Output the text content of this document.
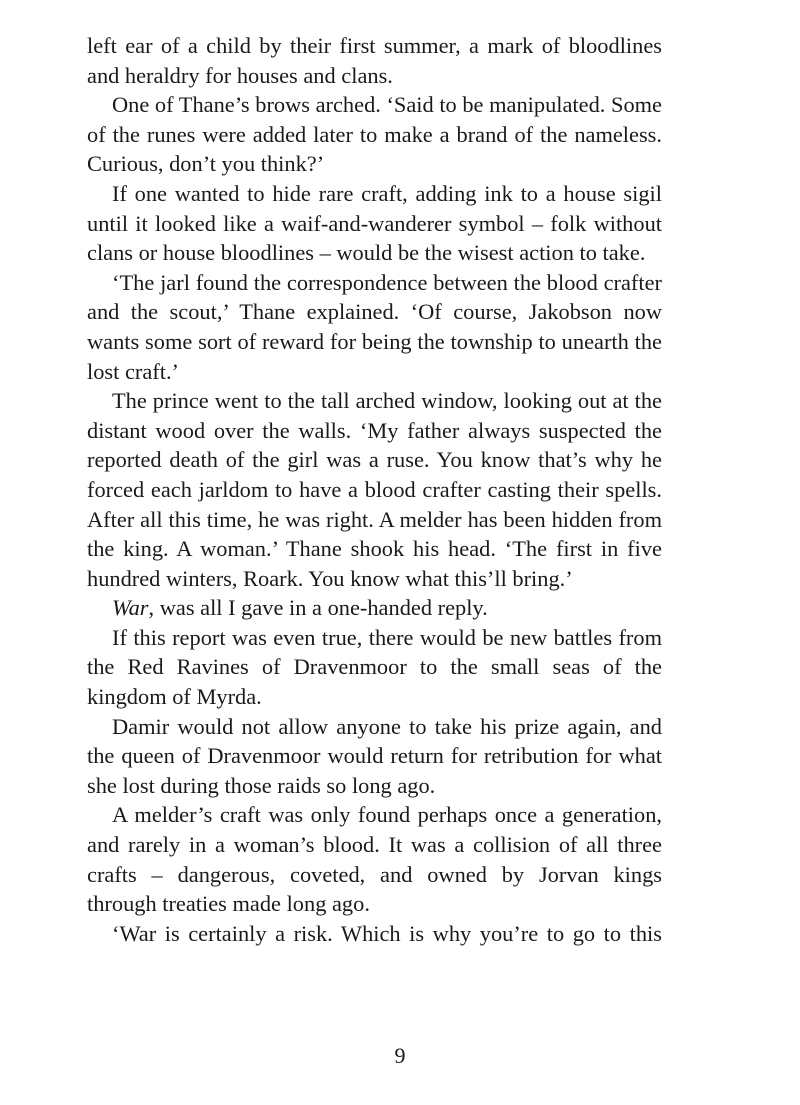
left ear of a child by their first summer, a mark of bloodlines and heraldry for houses and clans.

One of Thane’s brows arched. ‘Said to be manipulated. Some of the runes were added later to make a brand of the nameless. Curious, don’t you think?’

If one wanted to hide rare craft, adding ink to a house sigil until it looked like a waif-and-wanderer symbol – folk without clans or house bloodlines – would be the wisest action to take.

‘The jarl found the correspondence between the blood crafter and the scout,’ Thane explained. ‘Of course, Jakobson now wants some sort of reward for being the township to unearth the lost craft.’

The prince went to the tall arched window, looking out at the distant wood over the walls. ‘My father always suspected the reported death of the girl was a ruse. You know that’s why he forced each jarldom to have a blood crafter casting their spells. After all this time, he was right. A melder has been hidden from the king. A woman.’ Thane shook his head. ‘The first in five hundred winters, Roark. You know what this’ll bring.’

War, was all I gave in a one-handed reply.

If this report was even true, there would be new battles from the Red Ravines of Dravenmoor to the small seas of the kingdom of Myrda.

Damir would not allow anyone to take his prize again, and the queen of Dravenmoor would return for retribution for what she lost during those raids so long ago.

A melder’s craft was only found perhaps once a generation, and rarely in a woman’s blood. It was a collision of all three crafts – dangerous, coveted, and owned by Jorvan kings through treaties made long ago.

‘War is certainly a risk. Which is why you’re to go to this

9
